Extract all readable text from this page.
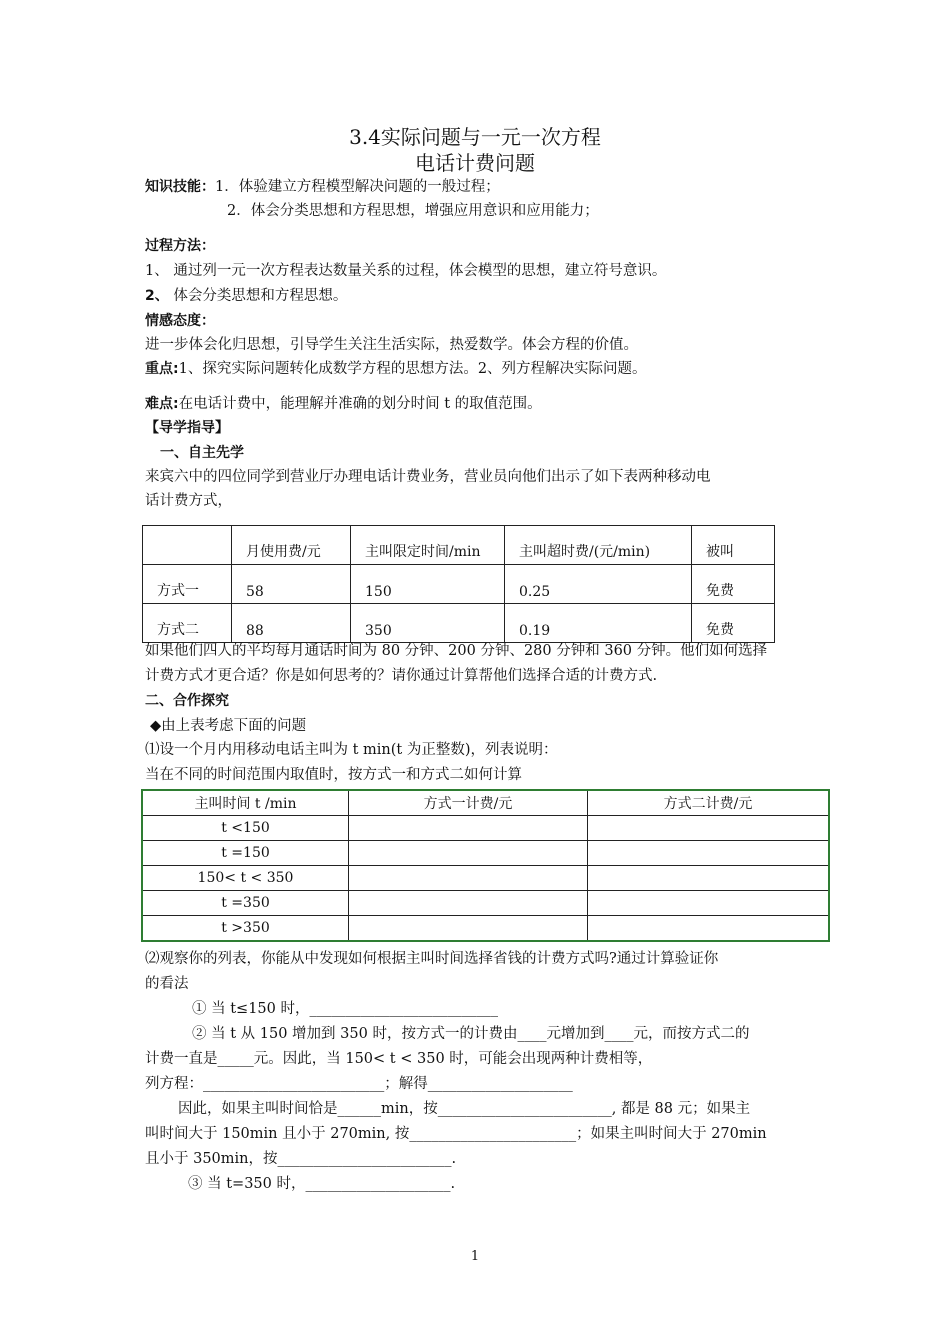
3.4实际问题与一元一次方程
电话计费问题
知识技能：1．体验建立方程模型解决问题的一般过程；
2．体会分类思想和方程思想，增强应用意识和应用能力；
过程方法：
1、 通过列一元一次方程表达数量关系的过程，体会模型的思想，建立符号意识。
2、 体会分类思想和方程思想。
情感态度：
进一步体会化归思想，引导学生关注生活实际，热爱数学。体会方程的价值。
重点:1、探究实际问题转化成数学方程的思想方法。2、列方程解决实际问题。
难点:在电话计费中，能理解并准确的划分时间 t 的取值范围。
【导学指导】
一、自主先学
来宾六中的四位同学到营业厅办理电话计费业务，营业员向他们出示了如下表两种移动电
话计费方式，
	月使用费/元	主叫限定时间/min	主叫超时费/(元/min)	被叫
方式一	58	150	0.25	免费
方式二	88	350	0.19	免费
如果他们四人的平均每月通话时间为 80 分钟、200 分钟、280 分钟和 360 分钟。他们如何选择
计费方式才更合适？你是如何思考的？请你通过计算帮他们选择合适的计费方式.
二、合作探究
◆由上表考虑下面的问题
⑴设一个月内用移动电话主叫为 t min(t 为正整数)，列表说明：
当在不同的时间范围内取值时，按方式一和方式二如何计算
主叫时间 t /min	方式一计费/元	方式二计费/元
t <150		
t =150		
150< t < 350		
t =350		
t >350		
⑵观察你的列表，你能从中发现如何根据主叫时间选择省钱的计费方式吗?通过计算验证你
的看法
① 当 t≤150 时，__________________________
② 当 t 从 150 增加到 350 时，按方式一的计费由____元增加到____元，而按方式二的
计费一直是_____元。因此，当 150< t < 350 时，可能会出现两种计费相等，
列方程：_________________________；解得____________________
因此，如果主叫时间恰是______min，按________________________, 都是 88 元；如果主
叫时间大于 150min 且小于 270min, 按_______________________；如果主叫时间大于 270min
且小于 350min，按________________________.
③ 当 t=350 时，____________________.
1
